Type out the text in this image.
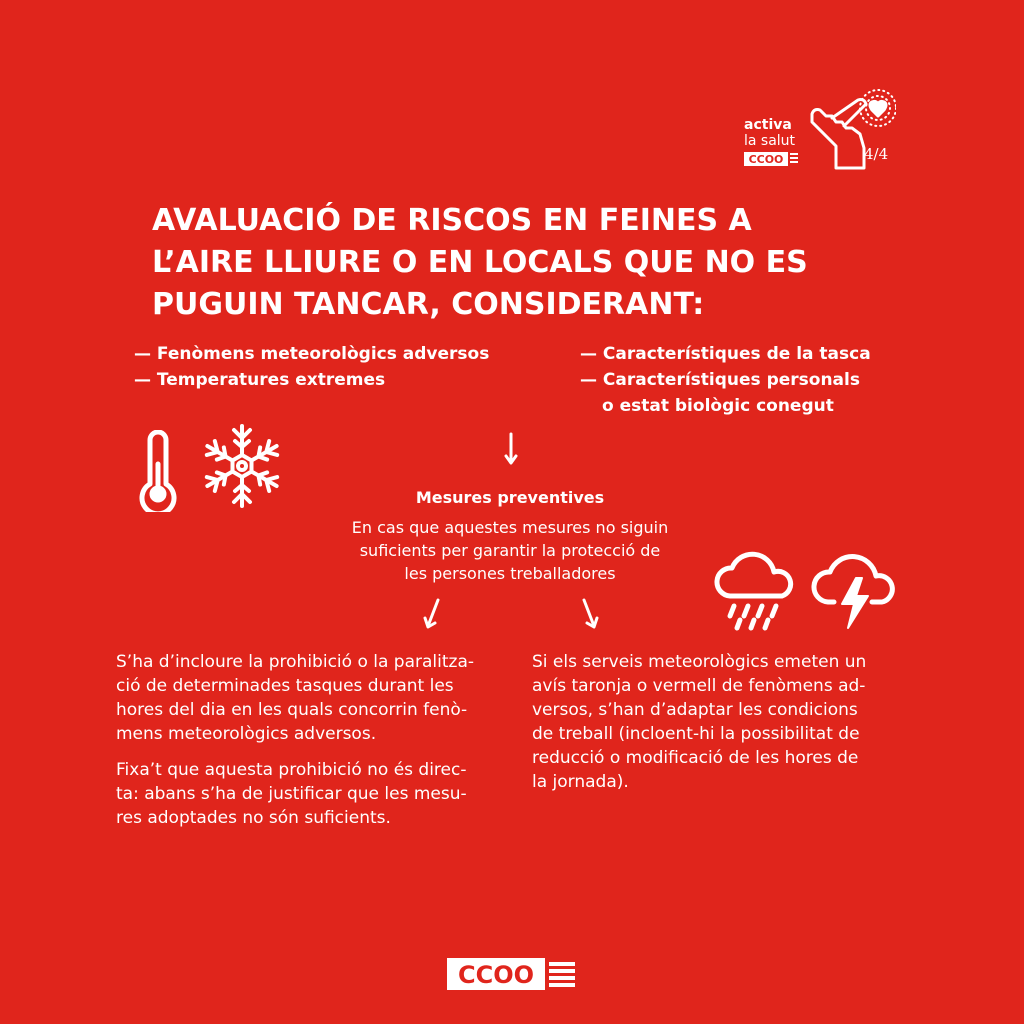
activa
la salut
CCOO	4/4
AVALUACIÓ DE RISCOS EN FEINES A
L’AIRE LLIURE O EN LOCALS QUE NO ES
PUGUIN TANCAR, CONSIDERANT:
— Fenòmens meteorològics adversos
— Temperatures extremes
— Característiques de la tasca
— Característiques personals
o estat biològic conegut
Mesures preventives
En cas que aquestes mesures no siguin
suficients per garantir la protecció de
les persones treballadores
S’ha d’incloure la prohibició o la paralitza-
ció de determinades tasques durant les
hores del dia en les quals concorrin fenò-
mens meteorològics adversos.
Fixa’t que aquesta prohibició no és direc-
ta: abans s’ha de justificar que les mesu-
res adoptades no són suficients.
Si els serveis meteorològics emeten un
avís taronja o vermell de fenòmens ad-
versos, s’han d’adaptar les condicions
de treball (incloent-hi la possibilitat de
reducció o modificació de les hores de
la jornada).
CCOO
